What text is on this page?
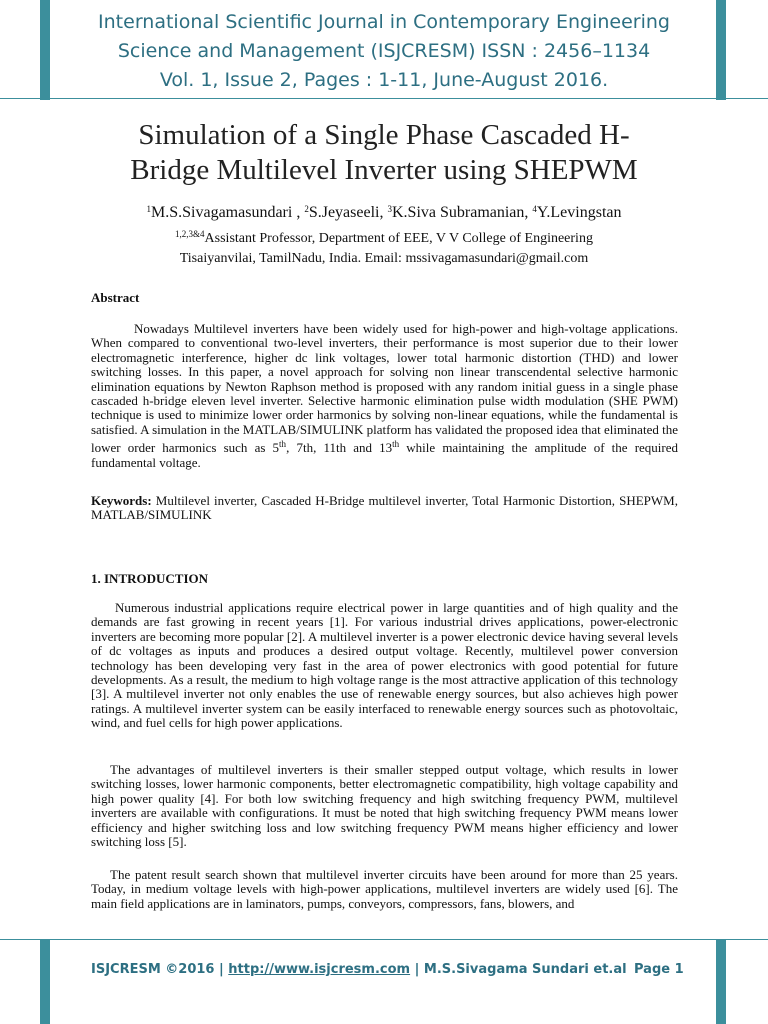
International Scientific Journal in Contemporary Engineering
Science and Management (ISJCRESM) ISSN : 2456–1134
Vol. 1, Issue 2, Pages : 1-11, June-August 2016.
Simulation of a Single Phase Cascaded H-
Bridge Multilevel Inverter using SHEPWM
$^1$M.S.Sivagamasundari , $^2$S.Jeyaseeli, $^3$K.Siva Subramanian, $^4$Y.Levingstan
$^{1,2,3\&4}$Assistant Professor, Department of EEE, V V College of Engineering
Tisaiyanvilai, TamilNadu, India. Email: mssivagamasundari@gmail.com
Abstract
Nowadays Multilevel inverters have been widely used for high-power and high-voltage applications. When compared to conventional two-level inverters, their performance is most superior due to their lower electromagnetic interference, higher dc link voltages, lower total harmonic distortion (THD) and lower switching losses. In this paper, a novel approach for solving non linear transcendental selective harmonic elimination equations by Newton Raphson method is proposed with any random initial guess in a single phase cascaded h-bridge eleven level inverter. Selective harmonic elimination pulse width modulation (SHE PWM) technique is used to minimize lower order harmonics by solving non-linear equations, while the fundamental is satisfied. A simulation in the MATLAB/SIMULINK platform has validated the proposed idea that eliminated the lower order harmonics such as 5th, 7th, 11th and 13th while maintaining the amplitude of the required fundamental voltage.
Keywords: Multilevel inverter, Cascaded H-Bridge multilevel inverter, Total Harmonic Distortion, SHEPWM, MATLAB/SIMULINK
1. INTRODUCTION
Numerous industrial applications require electrical power in large quantities and of high quality and the demands are fast growing in recent years [1]. For various industrial drives applications, power-electronic inverters are becoming more popular [2]. A multilevel inverter is a power electronic device having several levels of dc voltages as inputs and produces a desired output voltage. Recently, multilevel power conversion technology has been developing very fast in the area of power electronics with good potential for future developments. As a result, the medium to high voltage range is the most attractive application of this technology [3]. A multilevel inverter not only enables the use of renewable energy sources, but also achieves high power ratings. A multilevel inverter system can be easily interfaced to renewable energy sources such as photovoltaic, wind, and fuel cells for high power applications.
The advantages of multilevel inverters is their smaller stepped output voltage, which results in lower switching losses, lower harmonic components, better electromagnetic compatibility, high voltage capability and high power quality [4]. For both low switching frequency and high switching frequency PWM, multilevel inverters are available with configurations. It must be noted that high switching frequency PWM means lower efficiency and higher switching loss and low switching frequency PWM means higher efficiency and lower switching loss [5].
The patent result search shown that multilevel inverter circuits have been around for more than 25 years. Today, in medium voltage levels with high-power applications, multilevel inverters are widely used [6]. The main field applications are in laminators, pumps, conveyors, compressors, fans, blowers, and
ISJCRESM ©2016 | http://www.isjcresm.com | M.S.Sivagama Sundari et.al Page 1
